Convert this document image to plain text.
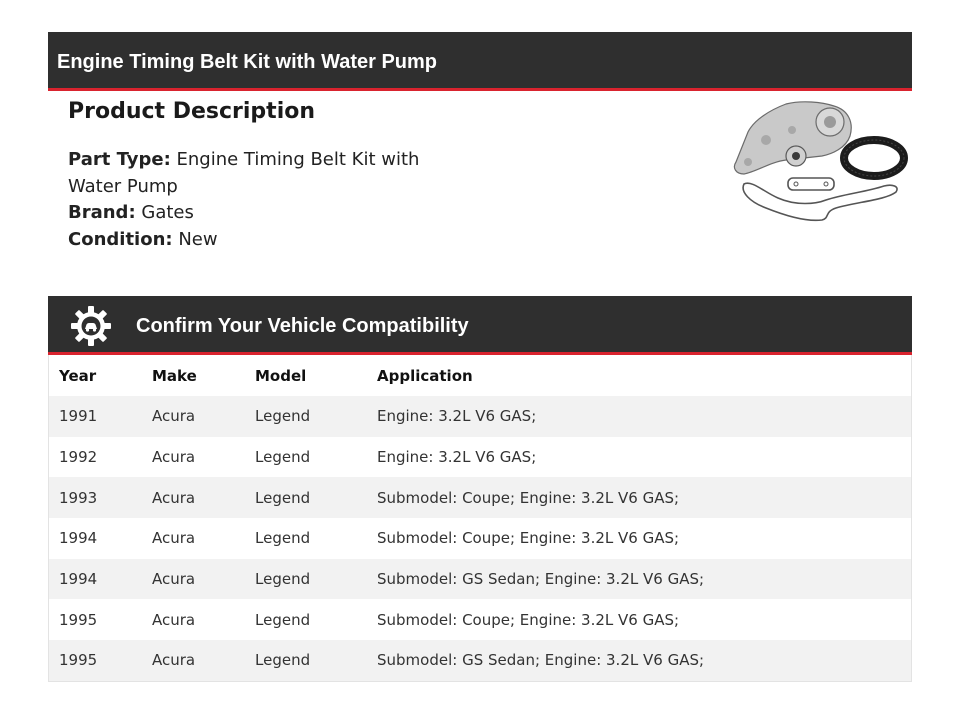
Engine Timing Belt Kit with Water Pump
Product Description
Part Type: Engine Timing Belt Kit with Water Pump
Brand: Gates
Condition: New
Confirm Your Vehicle Compatibility
Year	Make	Model	Application
1991	Acura	Legend	Engine: 3.2L V6 GAS;
1992	Acura	Legend	Engine: 3.2L V6 GAS;
1993	Acura	Legend	Submodel: Coupe; Engine: 3.2L V6 GAS;
1994	Acura	Legend	Submodel: Coupe; Engine: 3.2L V6 GAS;
1994	Acura	Legend	Submodel: GS Sedan; Engine: 3.2L V6 GAS;
1995	Acura	Legend	Submodel: Coupe; Engine: 3.2L V6 GAS;
1995	Acura	Legend	Submodel: GS Sedan; Engine: 3.2L V6 GAS;
